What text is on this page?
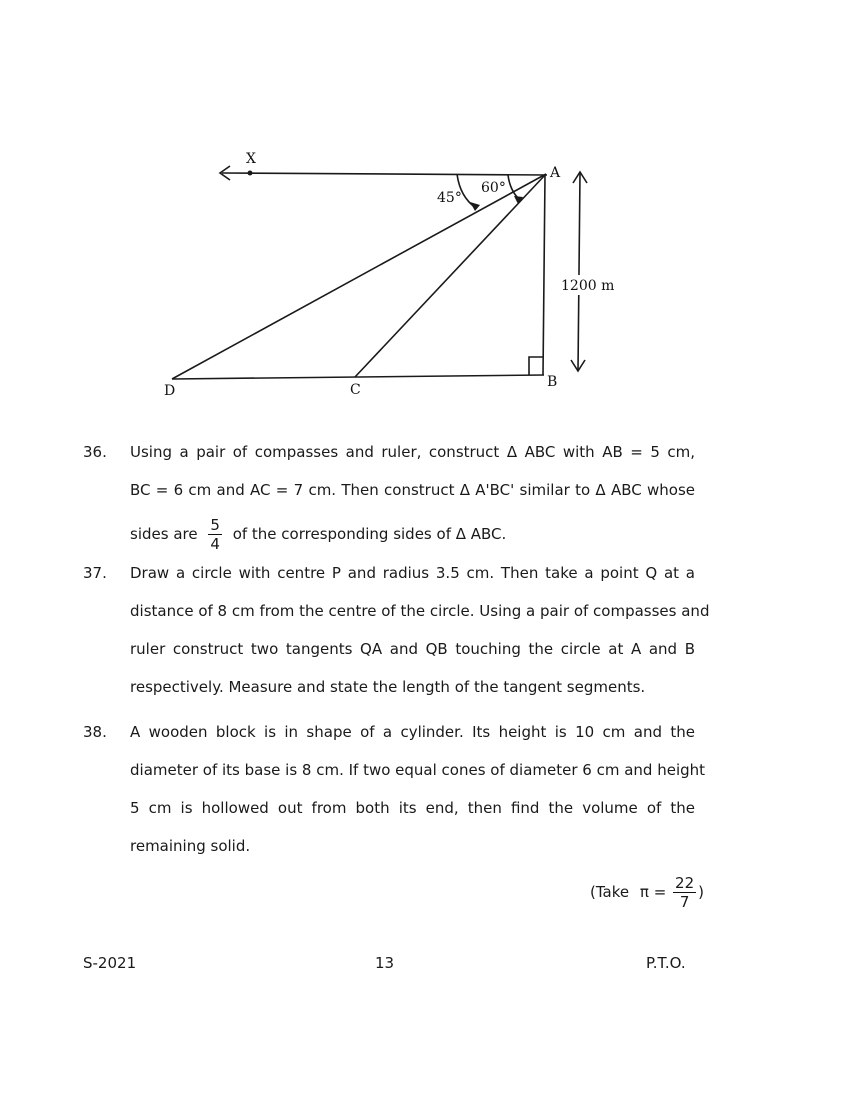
X
A
B
C
D
45°
60°
1200 m
36.	Using a pair of compasses and ruler, construct Δ ABC with AB = 5 cm,
BC = 6 cm and AC = 7 cm. Then construct Δ A'BC' similar to Δ ABC whose
sides are $\frac{5}{4}$ of the corresponding sides of Δ ABC.
37.	Draw a circle with centre P and radius 3.5 cm. Then take a point Q at a
distance of 8 cm from the centre of the circle. Using a pair of compasses and
ruler construct two tangents QA and QB touching the circle at A and B
respectively. Measure and state the length of the tangent segments.
38.	A wooden block is in shape of a cylinder. Its height is 10 cm and the
diameter of its base is 8 cm. If two equal cones of diameter 6 cm and height
5 cm is hollowed out from both its end, then find the volume of the
remaining solid.
(Take $\pi = \frac{22}{7}$ )
S-2021	13	P.T.O.
